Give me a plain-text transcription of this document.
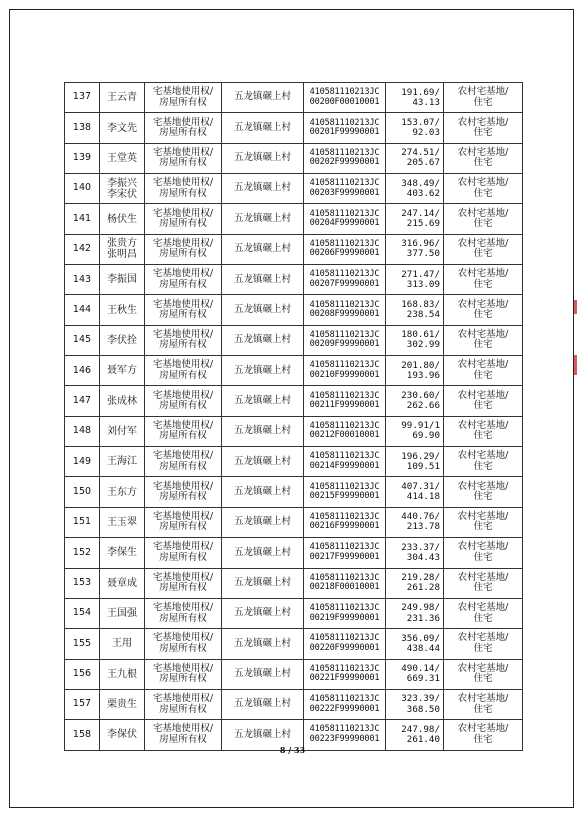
137	王云青	宅基地使用权/
房屋所有权	五龙镇碾上村	410581110213JC
00200F00010001	191.69/
43.13	农村宅基地/
住宅
138	李文先	宅基地使用权/
房屋所有权	五龙镇碾上村	410581110213JC
00201F99990001	153.07/
92.03	农村宅基地/
住宅
139	王堂英	宅基地使用权/
房屋所有权	五龙镇碾上村	410581110213JC
00202F99990001	274.51/
205.67	农村宅基地/
住宅
140	李振兴
李宋伏	宅基地使用权/
房屋所有权	五龙镇碾上村	410581110213JC
00203F99990001	348.49/
403.62	农村宅基地/
住宅
141	杨伏生	宅基地使用权/
房屋所有权	五龙镇碾上村	410581110213JC
00204F99990001	247.14/
215.69	农村宅基地/
住宅
142	张贵方
张明昌	宅基地使用权/
房屋所有权	五龙镇碾上村	410581110213JC
00206F99990001	316.96/
377.50	农村宅基地/
住宅
143	李振国	宅基地使用权/
房屋所有权	五龙镇碾上村	410581110213JC
00207F99990001	271.47/
313.09	农村宅基地/
住宅
144	王秋生	宅基地使用权/
房屋所有权	五龙镇碾上村	410581110213JC
00208F99990001	168.83/
238.54	农村宅基地/
住宅
145	李伏拴	宅基地使用权/
房屋所有权	五龙镇碾上村	410581110213JC
00209F99990001	180.61/
302.99	农村宅基地/
住宅
146	聂军方	宅基地使用权/
房屋所有权	五龙镇碾上村	410581110213JC
00210F99990001	201.80/
193.96	农村宅基地/
住宅
147	张成林	宅基地使用权/
房屋所有权	五龙镇碾上村	410581110213JC
00211F99990001	230.60/
262.66	农村宅基地/
住宅
148	刘付军	宅基地使用权/
房屋所有权	五龙镇碾上村	410581110213JC
00212F00010001	99.91/1
69.90	农村宅基地/
住宅
149	王海江	宅基地使用权/
房屋所有权	五龙镇碾上村	410581110213JC
00214F99990001	196.29/
109.51	农村宅基地/
住宅
150	王东方	宅基地使用权/
房屋所有权	五龙镇碾上村	410581110213JC
00215F99990001	407.31/
414.18	农村宅基地/
住宅
151	王玉翠	宅基地使用权/
房屋所有权	五龙镇碾上村	410581110213JC
00216F99990001	440.76/
213.78	农村宅基地/
住宅
152	李保生	宅基地使用权/
房屋所有权	五龙镇碾上村	410581110213JC
00217F99990001	233.37/
304.43	农村宅基地/
住宅
153	聂章成	宅基地使用权/
房屋所有权	五龙镇碾上村	410581110213JC
00218F00010001	219.28/
261.28	农村宅基地/
住宅
154	王国强	宅基地使用权/
房屋所有权	五龙镇碾上村	410581110213JC
00219F99990001	249.98/
231.36	农村宅基地/
住宅
155	王用	宅基地使用权/
房屋所有权	五龙镇碾上村	410581110213JC
00220F99990001	356.09/
438.44	农村宅基地/
住宅
156	王九根	宅基地使用权/
房屋所有权	五龙镇碾上村	410581110213JC
00221F99990001	490.14/
669.31	农村宅基地/
住宅
157	栗贵生	宅基地使用权/
房屋所有权	五龙镇碾上村	410581110213JC
00222F99990001	323.39/
368.50	农村宅基地/
住宅
158	李保伏	宅基地使用权/
房屋所有权	五龙镇碾上村	410581110213JC
00223F99990001	247.98/
261.40	农村宅基地/
住宅
8 / 33
